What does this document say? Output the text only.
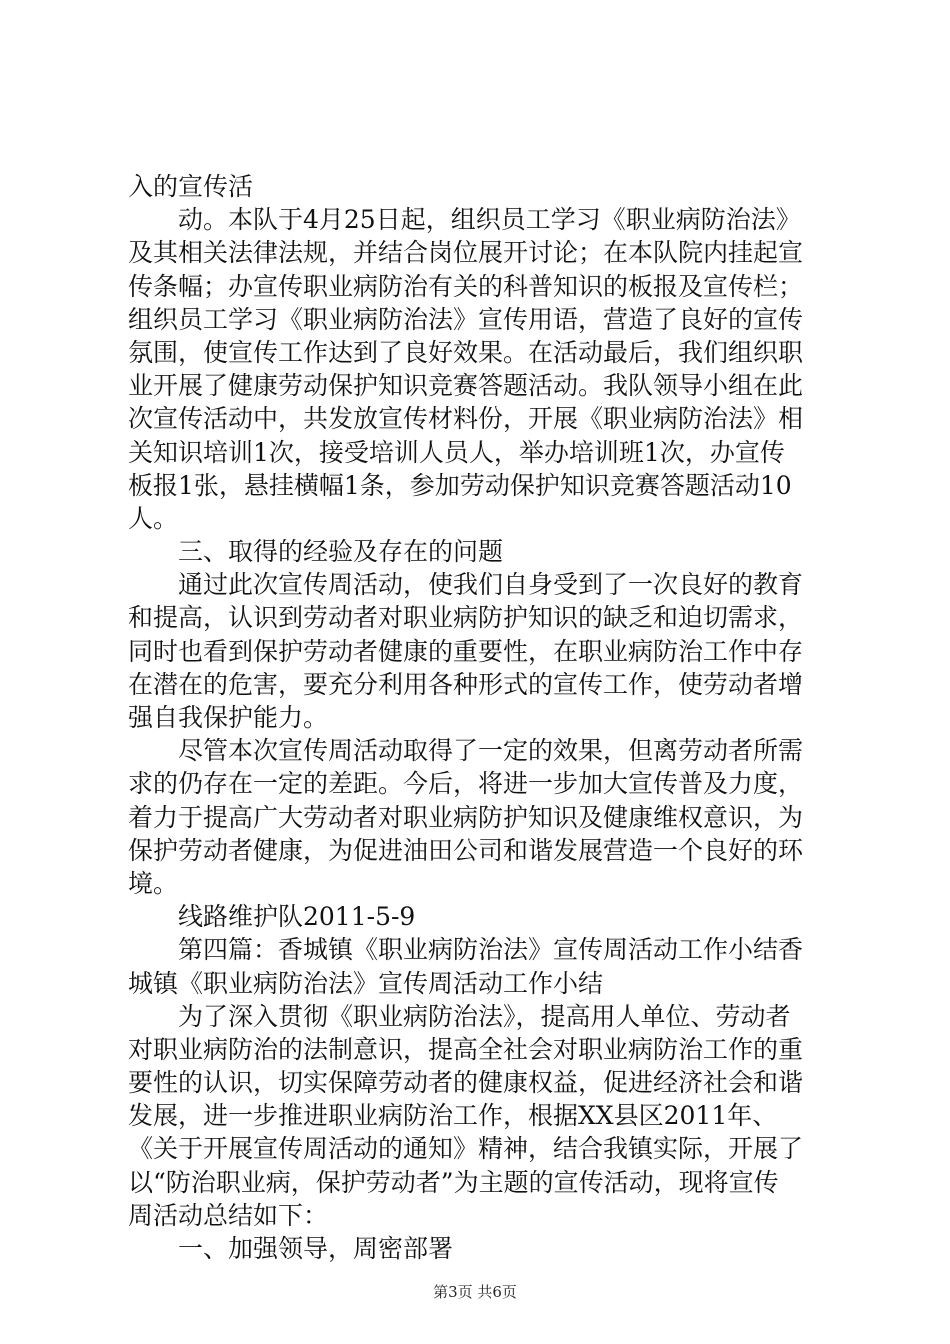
入的宣传活
动。本队于4月25日起，组织员工学习《职业病防治法》
及其相关法律法规，并结合岗位展开讨论；在本队院内挂起宣
传条幅；办宣传职业病防治有关的科普知识的板报及宣传栏；
组织员工学习《职业病防治法》宣传用语，营造了良好的宣传
氛围，使宣传工作达到了良好效果。在活动最后，我们组织职
业开展了健康劳动保护知识竞赛答题活动。我队领导小组在此
次宣传活动中，共发放宣传材料份，开展《职业病防治法》相
关知识培训1次，接受培训人员人，举办培训班1次，办宣传
板报1张，悬挂横幅1条，参加劳动保护知识竞赛答题活动10
人。
三、取得的经验及存在的问题
通过此次宣传周活动，使我们自身受到了一次良好的教育
和提高，认识到劳动者对职业病防护知识的缺乏和迫切需求，
同时也看到保护劳动者健康的重要性，在职业病防治工作中存
在潜在的危害，要充分利用各种形式的宣传工作，使劳动者增
强自我保护能力。
尽管本次宣传周活动取得了一定的效果，但离劳动者所需
求的仍存在一定的差距。今后，将进一步加大宣传普及力度，
着力于提高广大劳动者对职业病防护知识及健康维权意识，为
保护劳动者健康，为促进油田公司和谐发展营造一个良好的环
境。
线路维护队2011-5-9
第四篇：香城镇《职业病防治法》宣传周活动工作小结香
城镇《职业病防治法》宣传周活动工作小结
为了深入贯彻《职业病防治法》，提高用人单位、劳动者
对职业病防治的法制意识，提高全社会对职业病防治工作的重
要性的认识，切实保障劳动者的健康权益，促进经济社会和谐
发展，进一步推进职业病防治工作，根据XX县区2011年、
《关于开展宣传周活动的通知》精神，结合我镇实际，开展了
以“防治职业病，保护劳动者”为主题的宣传活动，现将宣传
周活动总结如下：
一、加强领导，周密部署
第3页 共6页
